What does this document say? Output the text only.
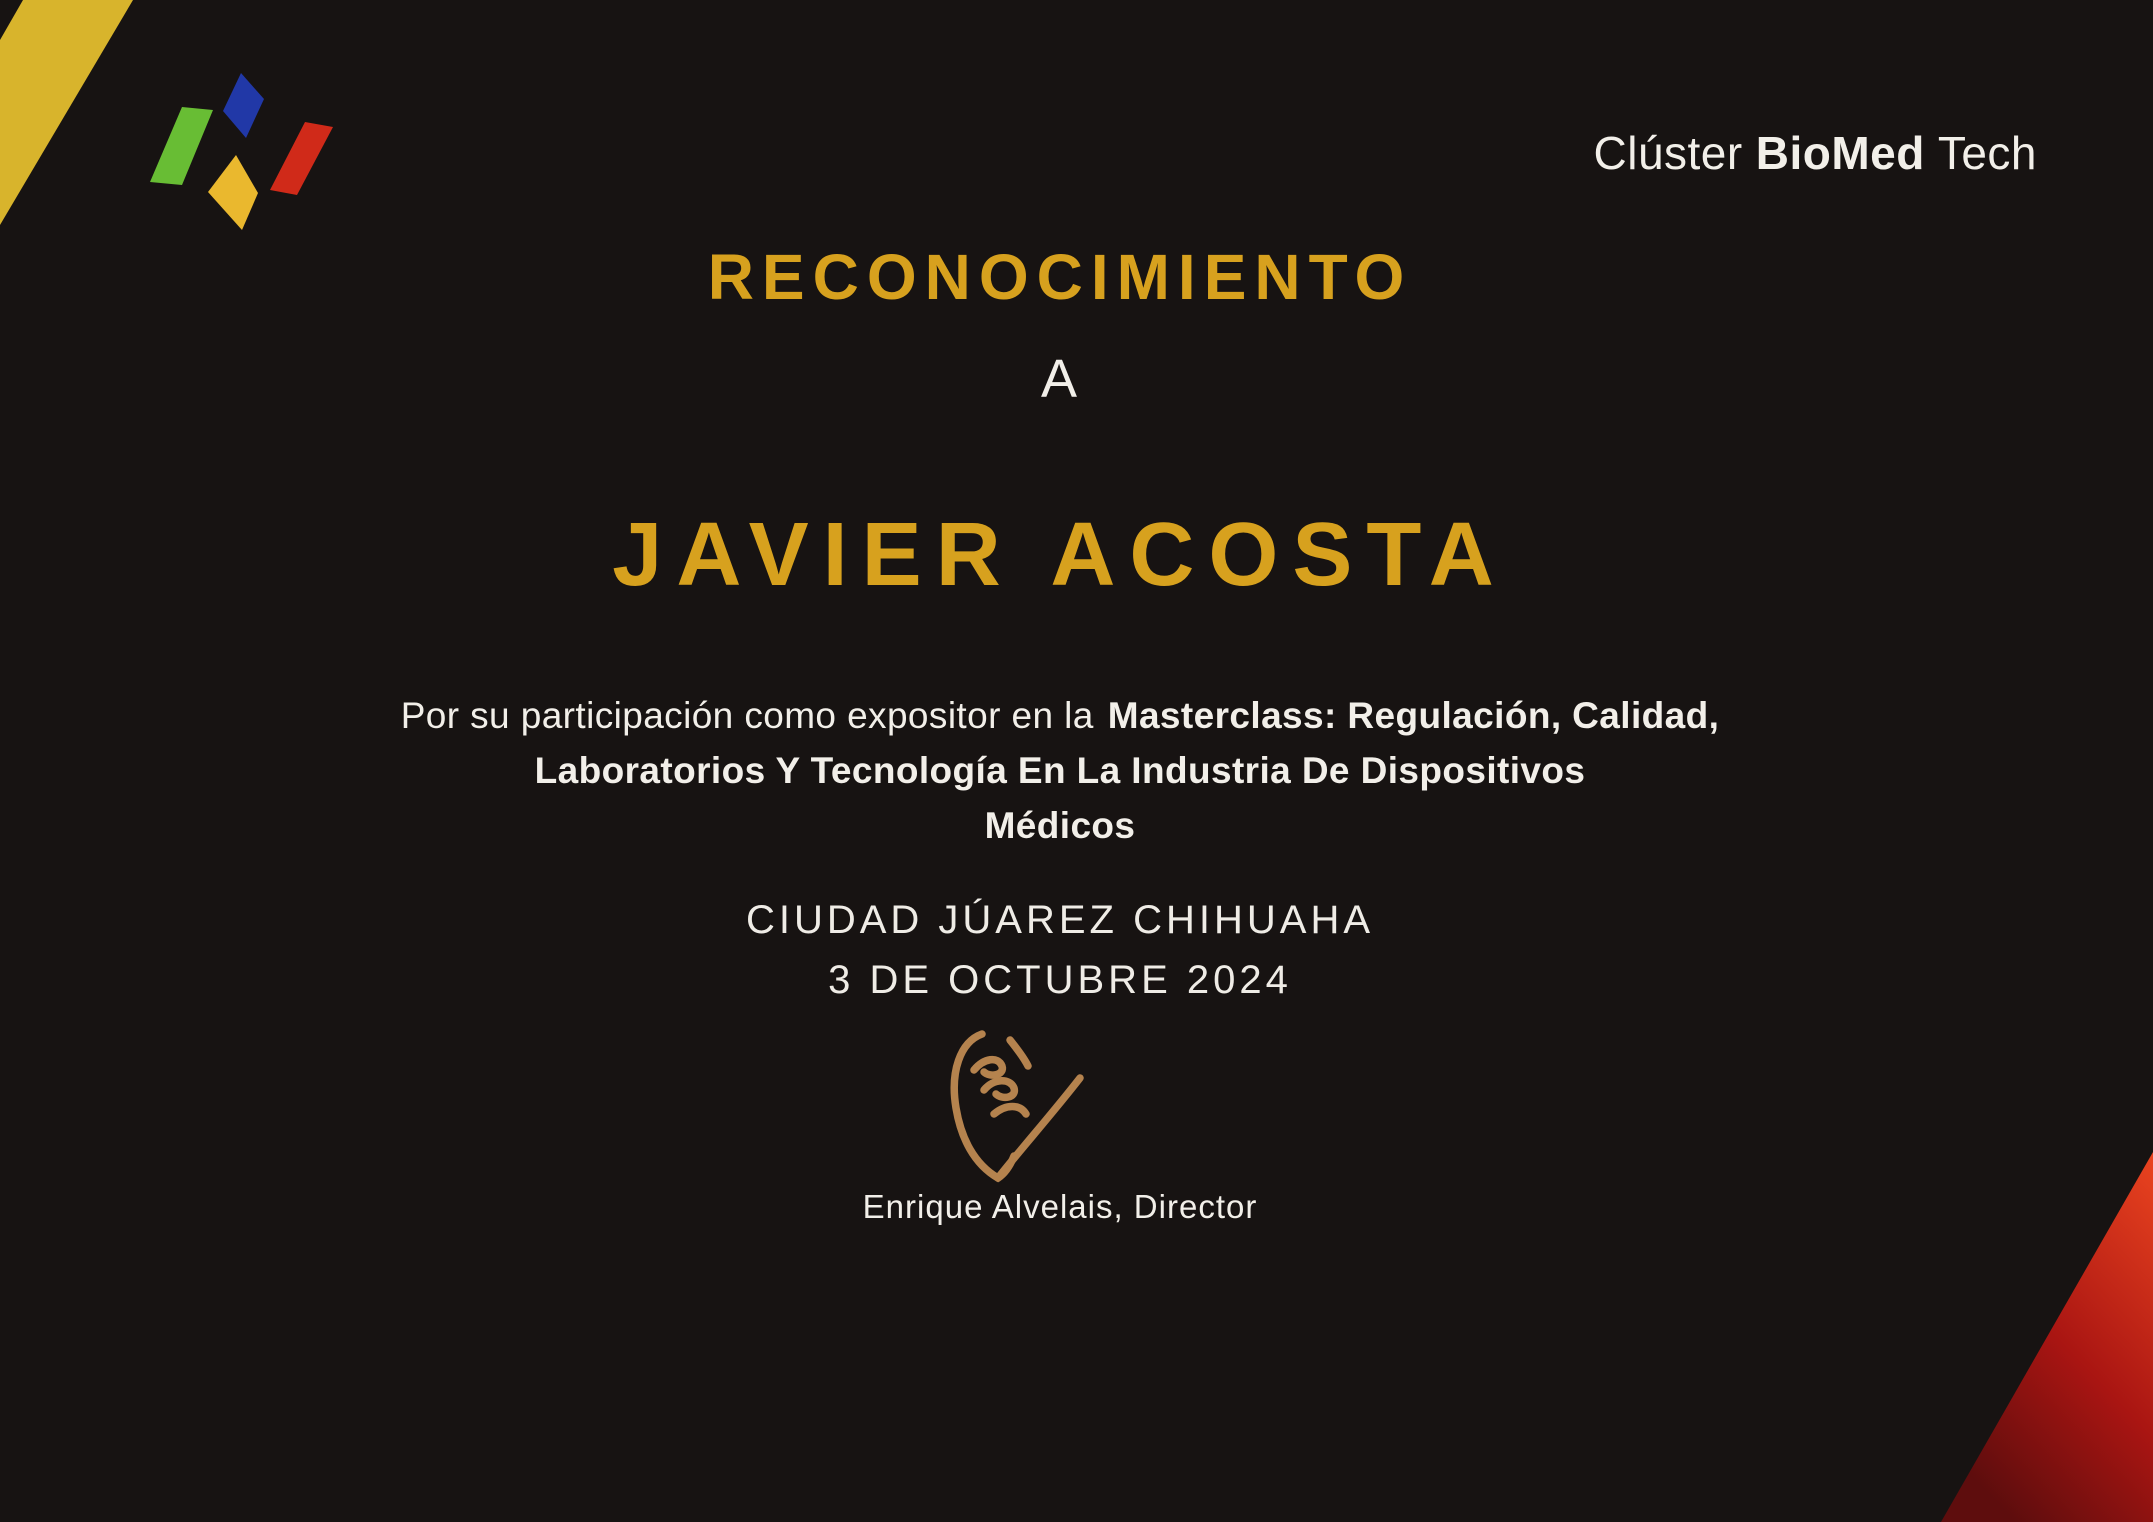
Clúster BioMed Tech
RECONOCIMIENTO
A
JAVIER ACOSTA
Por su participación como expositor en la Masterclass: Regulación, Calidad,
Laboratorios Y Tecnología En La Industria De Dispositivos
Médicos
CIUDAD JÚAREZ CHIHUAHA
3 DE OCTUBRE 2024
Enrique Alvelais, Director
